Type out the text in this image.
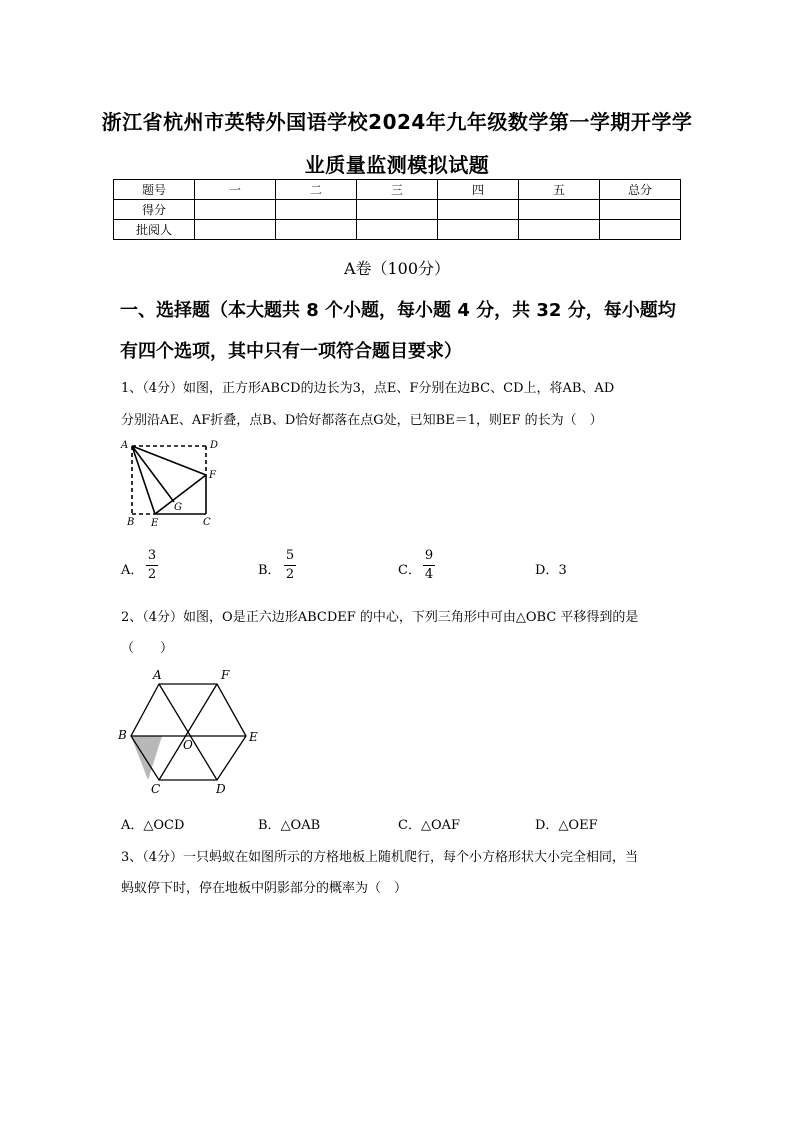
浙江省杭州市英特外国语学校2024年九年级数学第一学期开学学
业质量监测模拟试题
题号	一	二	三	四	五	总分
得分						
批阅人						
A卷（100分）
一、选择题（本大题共 8 个小题，每小题 4 分，共 32 分，每小题均
有四个选项，其中只有一项符合题目要求）
1、（4分）如图，正方形ABCD的边长为3，点E、F分别在边BC、CD上，将AB、AD
分别沿AE、AF折叠，点B、D恰好都落在点G处，已知BE＝1，则EF 的长为（　）
A	D
F
G
B E	C
A．
3
2	B．
5
2	C．
9
4	D．3
2、（4分）如图，O是正六边形ABCDEF 的中心，下列三角形中可由△OBC 平移得到的是
（　　）
A	F
B
O
E
C	D
A．△OCD	B．△OAB	C．△OAF	D．△OEF
3、（4分）一只蚂蚁在如图所示的方格地板上随机爬行，每个小方格形状大小完全相同，当
蚂蚁停下时，停在地板中阴影部分的概率为（　）
